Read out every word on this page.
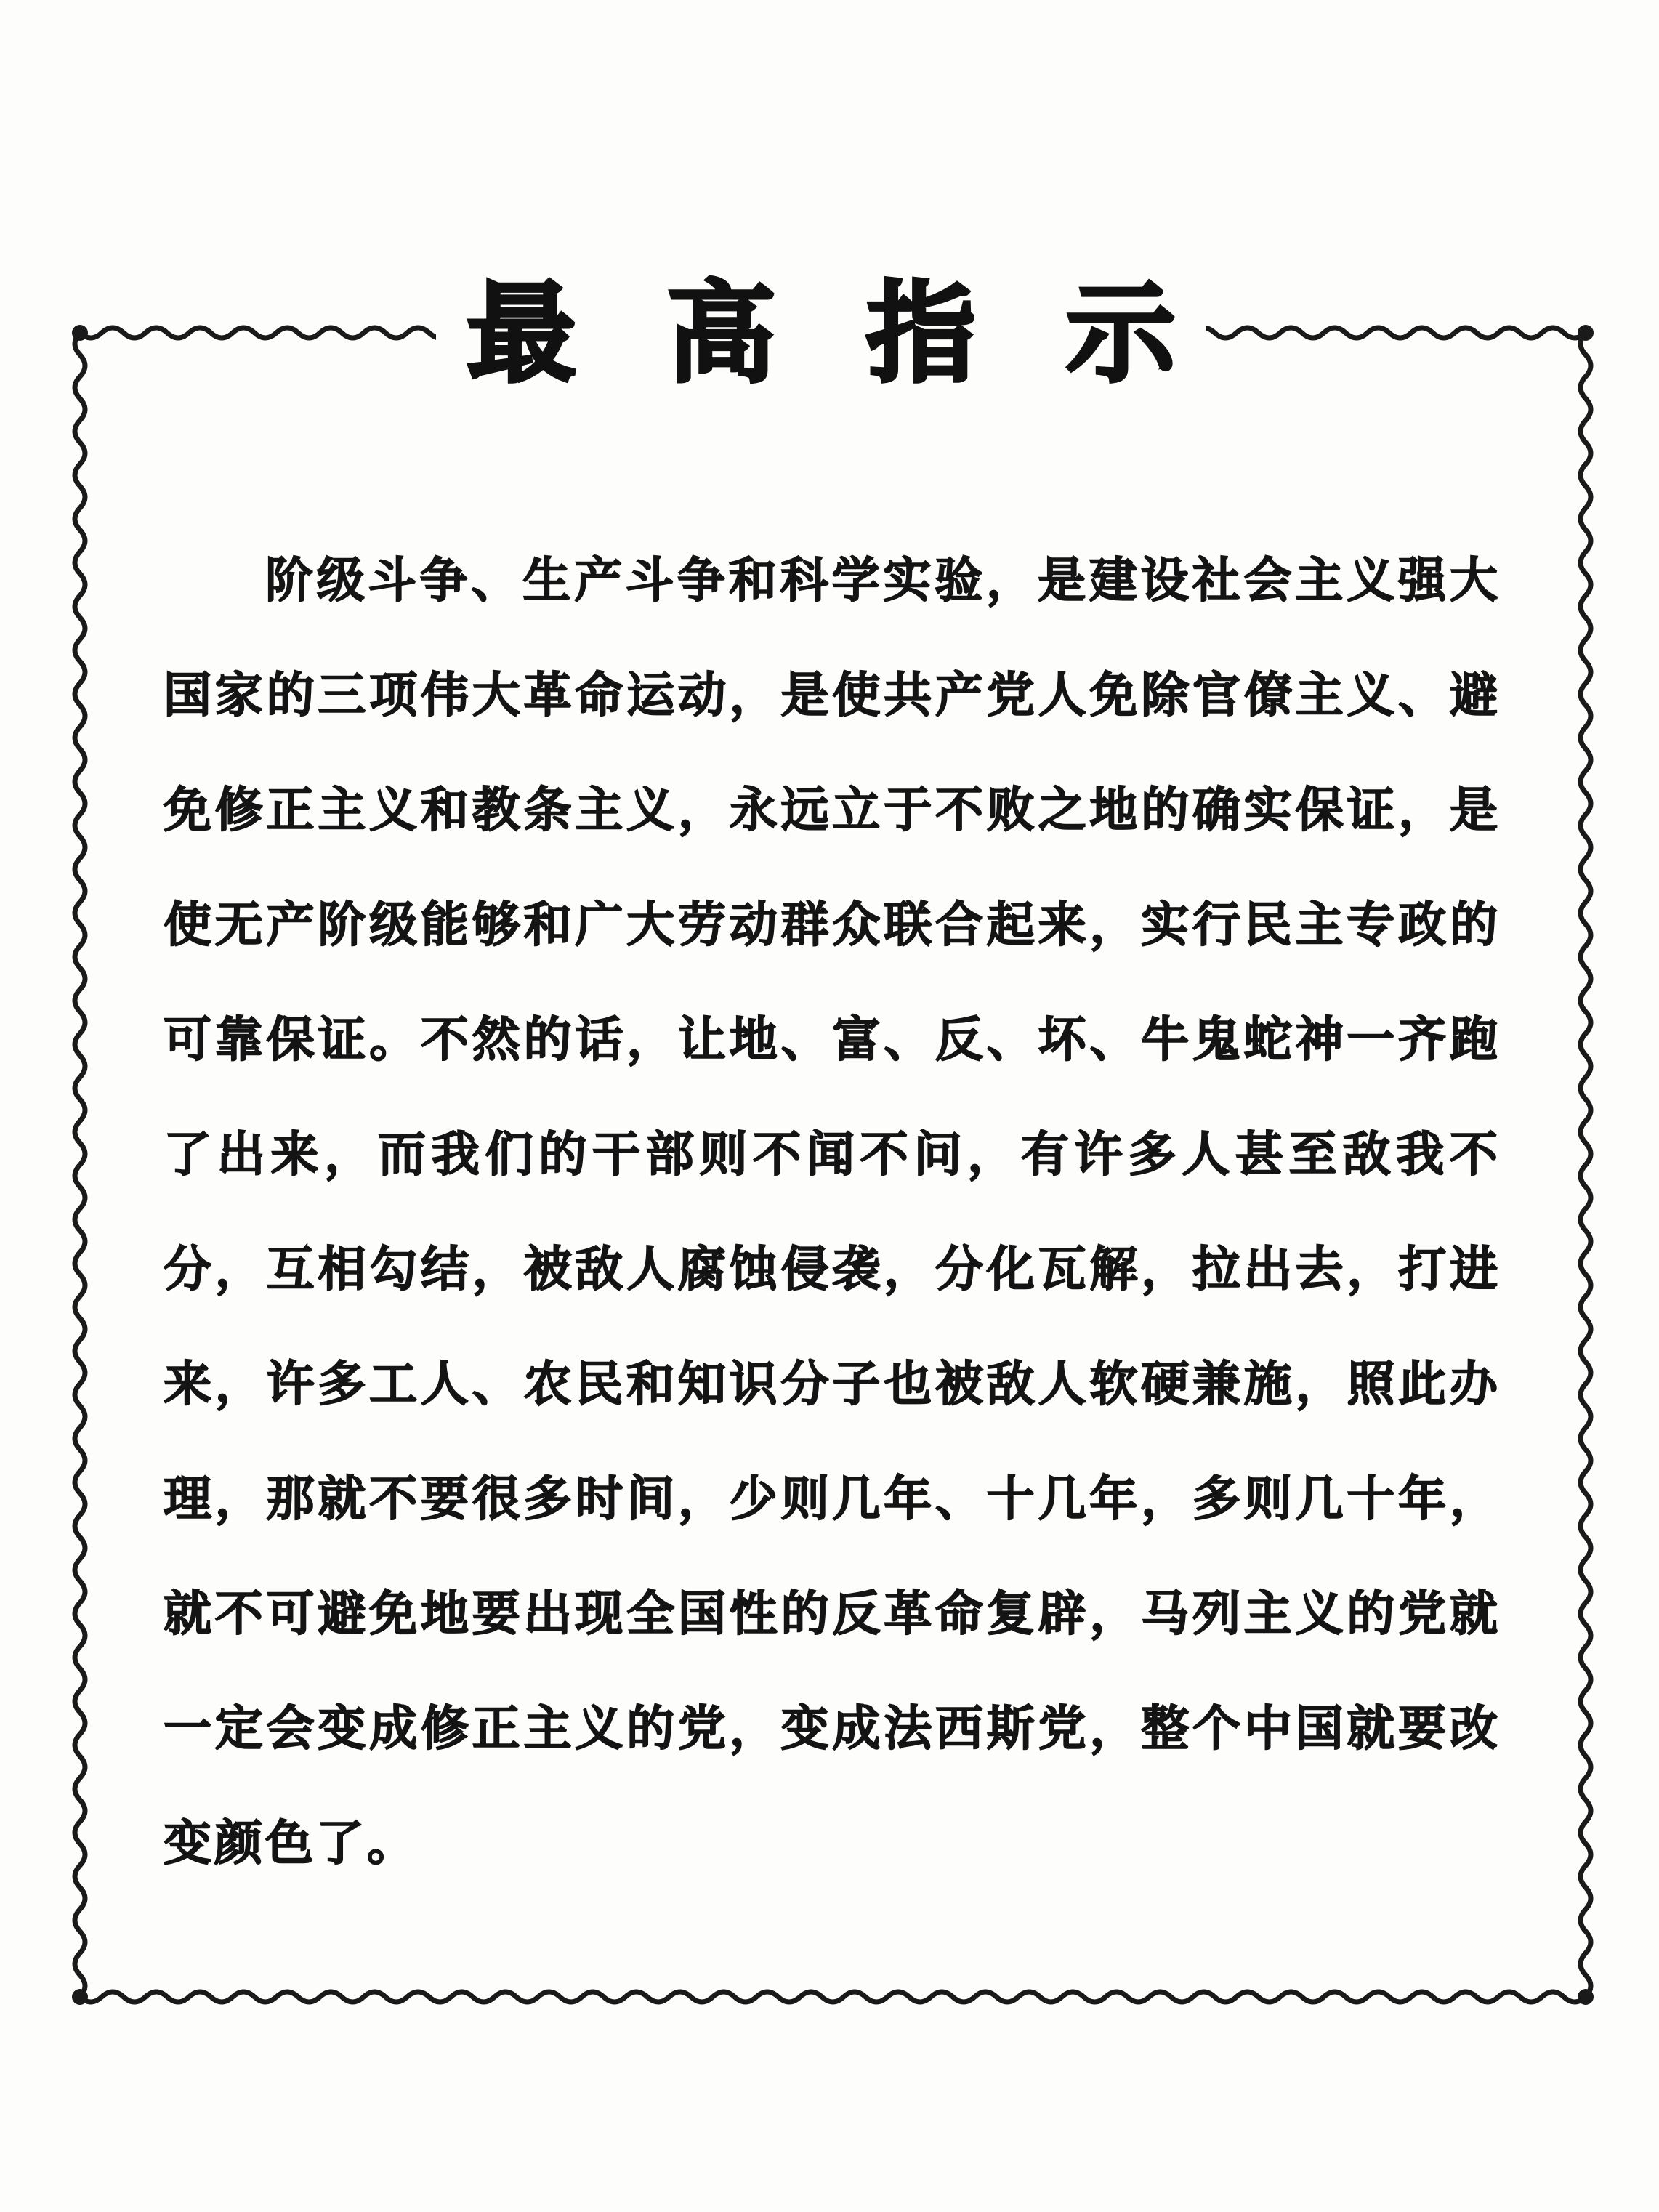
最高指示

阶级斗争、生产斗争和科学实验，是建设社会主义强大国家的三项伟大革命运动，是使共产党人免除官僚主义、避免修正主义和教条主义，永远立于不败之地的确实保证，是使无产阶级能够和广大劳动群众联合起来，实行民主专政的可靠保证。不然的话，让地、富、反、坏、牛鬼蛇神一齐跑了出来，而我们的干部则不闻不问，有许多人甚至敌我不分，互相勾结，被敌人腐蚀侵袭，分化瓦解，拉出去，打进来，许多工人、农民和知识分子也被敌人软硬兼施，照此办理，那就不要很多时间，少则几年、十几年，多则几十年，就不可避免地要出现全国性的反革命复辟，马列主义的党就一定会变成修正主义的党，变成法西斯党，整个中国就要改变颜色了。
